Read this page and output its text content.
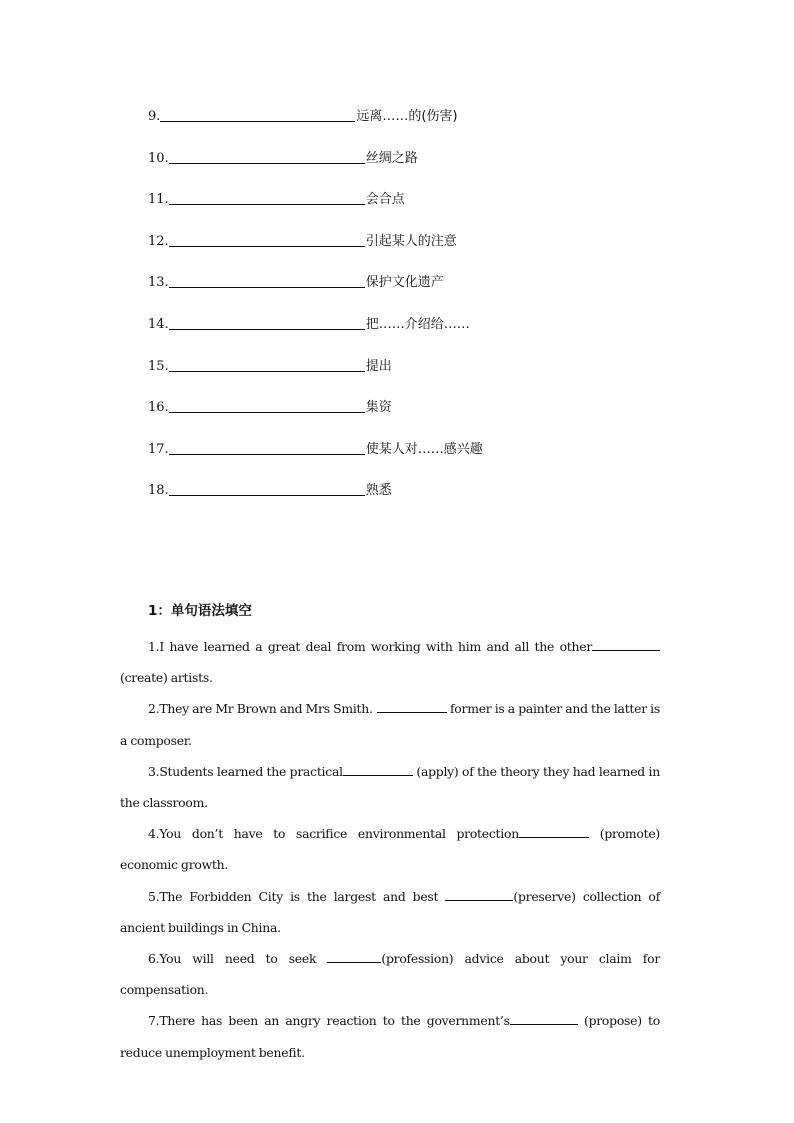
9.	远离……的(伤害)
10.	丝绸之路
11.	会合点
12.	引起某人的注意
13.	保护文化遗产
14.	把……介绍给……
15.	提出
16.	集资
17.	使某人对……感兴趣
18.	熟悉
1：单句语法填空

1.I have learned a great deal from working with him and all the other(create) artists.

2.They are Mr Brown and Mrs Smith.	former is a painter and the latter is a composer.

3.Students learned the practical	(apply) of the theory they had learned in the classroom.

4.You don’t have to sacrifice environmental protection	(promote) economic growth.

5.The Forbidden City is the largest and best	(preserve) collection of ancient buildings in China.

6.You will need to seek	(profession) advice about your claim for compensation.

7.There has been an angry reaction to the government’s	(propose) to reduce unemployment benefit.
